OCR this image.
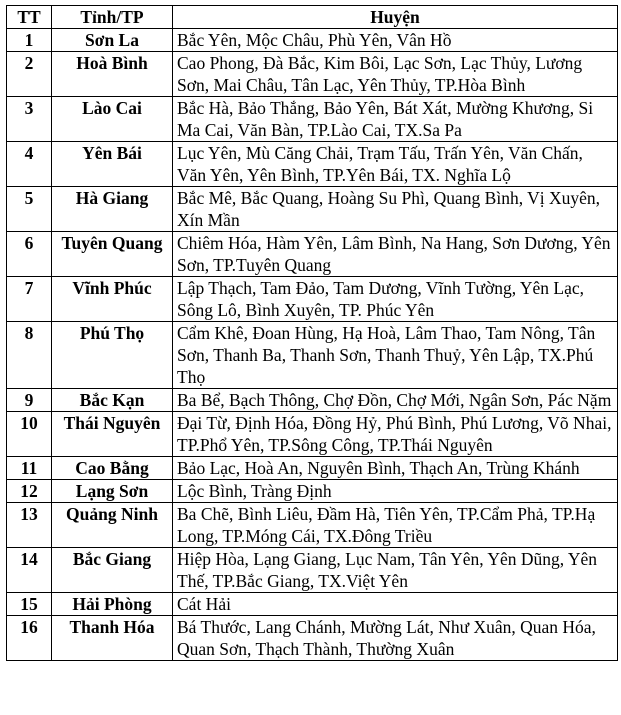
TT	Tỉnh/TP	Huyện
1	Sơn La	Bắc Yên, Mộc Châu, Phù Yên, Vân Hồ
2	Hoà Bình	Cao Phong, Đà Bắc, Kim Bôi, Lạc Sơn, Lạc Thủy, Lương Sơn, Mai Châu, Tân Lạc, Yên Thủy, TP.Hòa Bình
3	Lào Cai	Bắc Hà, Bảo Thắng, Bảo Yên, Bát Xát, Mường Khương, Si Ma Cai, Văn Bàn, TP.Lào Cai, TX.Sa Pa
4	Yên Bái	Lục Yên, Mù Căng Chải, Trạm Tấu, Trấn Yên, Văn Chấn, Văn Yên, Yên Bình, TP.Yên Bái, TX. Nghĩa Lộ
5	Hà Giang	Bắc Mê, Bắc Quang, Hoàng Su Phì, Quang Bình, Vị Xuyên, Xín Mần
6	Tuyên Quang	Chiêm Hóa, Hàm Yên, Lâm Bình, Na Hang, Sơn Dương, Yên Sơn, TP.Tuyên Quang
7	Vĩnh Phúc	Lập Thạch, Tam Đảo, Tam Dương, Vĩnh Tường, Yên Lạc, Sông Lô, Bình Xuyên, TP. Phúc Yên
8	Phú Thọ	Cẩm Khê, Đoan Hùng, Hạ Hoà, Lâm Thao, Tam Nông, Tân Sơn, Thanh Ba, Thanh Sơn, Thanh Thuỷ, Yên Lập, TX.Phú Thọ
9	Bắc Kạn	Ba Bể, Bạch Thông, Chợ Đồn, Chợ Mới, Ngân Sơn, Pác Nặm
10	Thái Nguyên	Đại Từ, Định Hóa, Đồng Hỷ, Phú Bình, Phú Lương, Võ Nhai, TP.Phổ Yên, TP.Sông Công, TP.Thái Nguyên
11	Cao Bằng	Bảo Lạc, Hoà An, Nguyên Bình, Thạch An, Trùng Khánh
12	Lạng Sơn	Lộc Bình, Tràng Định
13	Quảng Ninh	Ba Chẽ, Bình Liêu, Đầm Hà, Tiên Yên, TP.Cẩm Phả, TP.Hạ Long, TP.Móng Cái, TX.Đông Triều
14	Bắc Giang	Hiệp Hòa, Lạng Giang, Lục Nam, Tân Yên, Yên Dũng, Yên Thế, TP.Bắc Giang, TX.Việt Yên
15	Hải Phòng	Cát Hải
16	Thanh Hóa	Bá Thước, Lang Chánh, Mường Lát, Như Xuân, Quan Hóa, Quan Sơn, Thạch Thành, Thường Xuân
